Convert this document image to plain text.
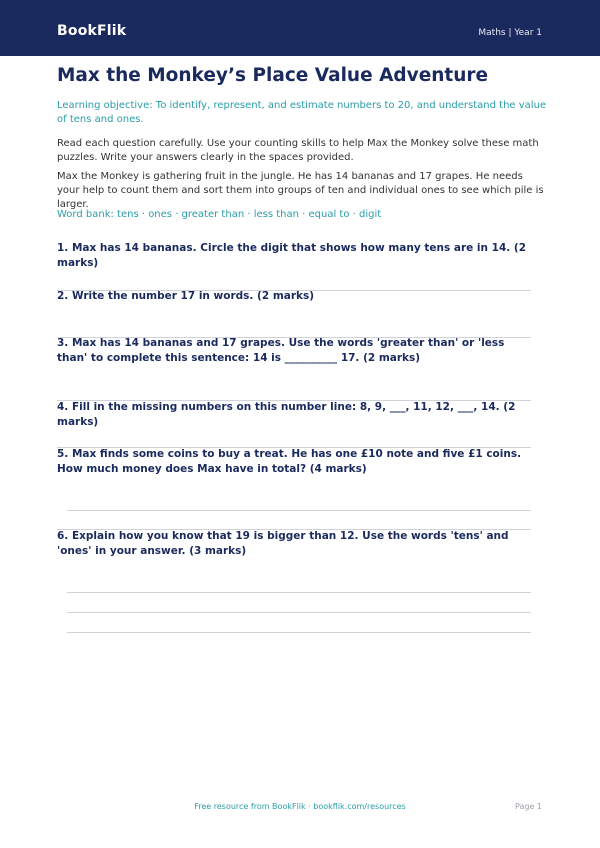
BookFlik	Maths | Year 1
Max the Monkey’s Place Value Adventure
Learning objective: To identify, represent, and estimate numbers to 20, and understand the value of tens and ones.
Read each question carefully. Use your counting skills to help Max the Monkey solve these math puzzles. Write your answers clearly in the spaces provided.
Max the Monkey is gathering fruit in the jungle. He has 14 bananas and 17 grapes. He needs your help to count them and sort them into groups of ten and individual ones to see which pile is larger.
Word bank: tens · ones · greater than · less than · equal to · digit
1. Max has 14 bananas. Circle the digit that shows how many tens are in 14. (2 marks)
2. Write the number 17 in words. (2 marks)
3. Max has 14 bananas and 17 grapes. Use the words 'greater than' or 'less than' to complete this sentence: 14 is __________ 17. (2 marks)
4. Fill in the missing numbers on this number line: 8, 9, ___, 11, 12, ___, 14. (2 marks)
5. Max finds some coins to buy a treat. He has one £10 note and five £1 coins. How much money does Max have in total? (4 marks)
6. Explain how you know that 19 is bigger than 12. Use the words 'tens' and 'ones' in your answer. (3 marks)
Free resource from BookFlik · bookflik.com/resources	Page 1
